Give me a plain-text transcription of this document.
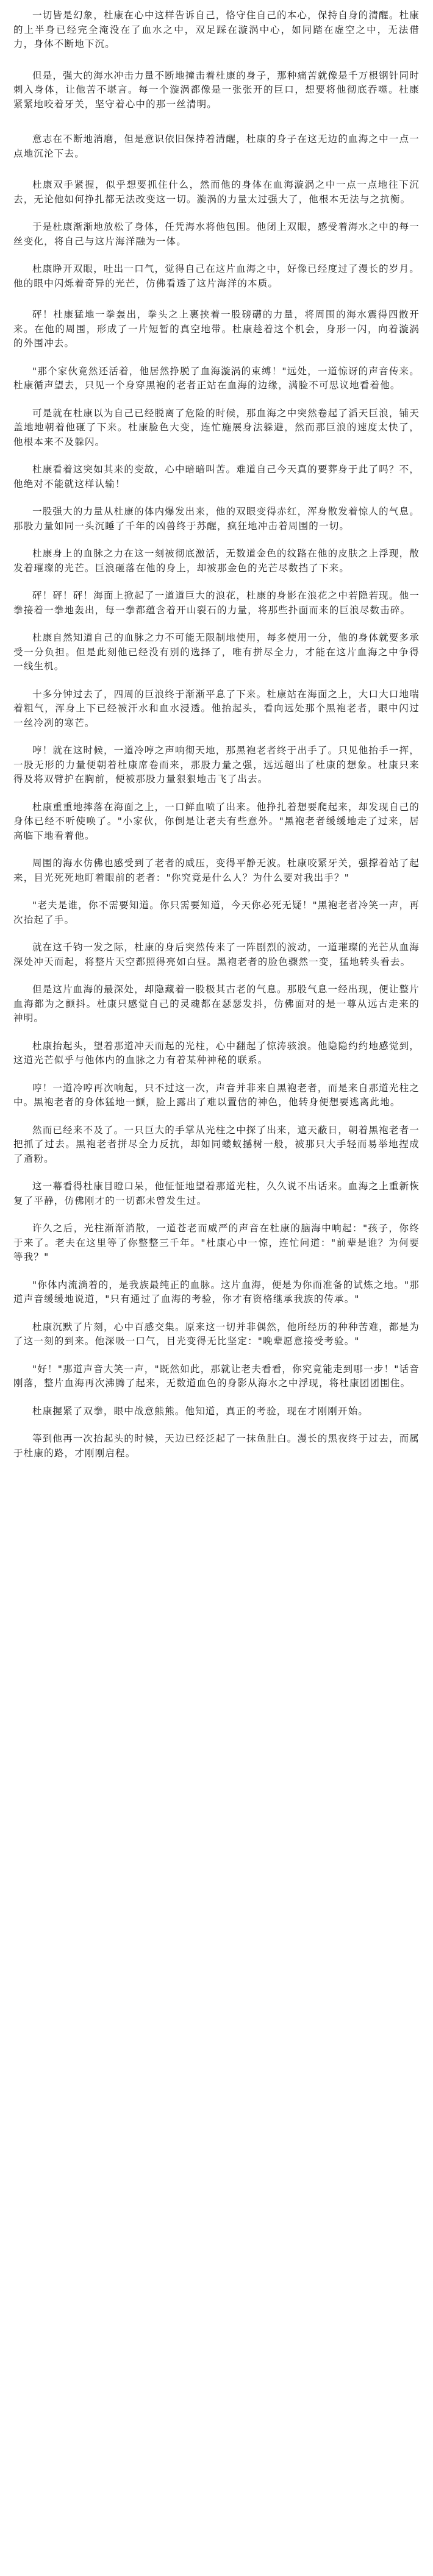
一切皆是幻象，杜康在心中这样告诉自己，恪守住自己的本心，保持自身的清醒。杜康的上半身已经完全淹没在了血水之中，双足踩在漩涡中心，如同踏在虚空之中，无法借力，身体不断地下沉。

但是，强大的海水冲击力量不断地撞击着杜康的身子，那种痛苦就像是千万根钢针同时刺入身体，让他苦不堪言。每一个漩涡都像是一张张开的巨口，想要将他彻底吞噬。杜康紧紧地咬着牙关，坚守着心中的那一丝清明。

意志在不断地消磨，但是意识依旧保持着清醒，杜康的身子在这无边的血海之中一点一点地沉沦下去。

杜康双手紧握，似乎想要抓住什么，然而他的身体在血海漩涡之中一点一点地往下沉去，无论他如何挣扎都无法改变这一切。漩涡的力量太过强大了，他根本无法与之抗衡。

于是杜康渐渐地放松了身体，任凭海水将他包围。他闭上双眼，感受着海水之中的每一丝变化，将自己与这片海洋融为一体。

杜康睁开双眼，吐出一口气，觉得自己在这片血海之中，好像已经度过了漫长的岁月。他的眼中闪烁着奇异的光芒，仿佛看透了这片海洋的本质。

砰！杜康猛地一拳轰出，拳头之上裹挟着一股磅礴的力量，将周围的海水震得四散开来。在他的周围，形成了一片短暂的真空地带。杜康趁着这个机会，身形一闪，向着漩涡的外围冲去。

"那个家伙竟然还活着，他居然挣脱了血海漩涡的束缚！"远处，一道惊讶的声音传来。杜康循声望去，只见一个身穿黑袍的老者正站在血海的边缘，满脸不可思议地看着他。

可是就在杜康以为自己已经脱离了危险的时候，那血海之中突然卷起了滔天巨浪，铺天盖地地朝着他砸了下来。杜康脸色大变，连忙施展身法躲避，然而那巨浪的速度太快了，他根本来不及躲闪。

杜康看着这突如其来的变故，心中暗暗叫苦。难道自己今天真的要葬身于此了吗？不，他绝对不能就这样认输！

一股强大的力量从杜康的体内爆发出来，他的双眼变得赤红，浑身散发着惊人的气息。那股力量如同一头沉睡了千年的凶兽终于苏醒，疯狂地冲击着周围的一切。

杜康身上的血脉之力在这一刻被彻底激活，无数道金色的纹路在他的皮肤之上浮现，散发着璀璨的光芒。巨浪砸落在他的身上，却被那金色的光芒尽数挡了下来。

砰！砰！砰！海面上掀起了一道道巨大的浪花，杜康的身影在浪花之中若隐若现。他一拳接着一拳地轰出，每一拳都蕴含着开山裂石的力量，将那些扑面而来的巨浪尽数击碎。

杜康自然知道自己的血脉之力不可能无限制地使用，每多使用一分，他的身体就要多承受一分负担。但是此刻他已经没有别的选择了，唯有拼尽全力，才能在这片血海之中争得一线生机。

十多分钟过去了，四周的巨浪终于渐渐平息了下来。杜康站在海面之上，大口大口地喘着粗气，浑身上下已经被汗水和血水浸透。他抬起头，看向远处那个黑袍老者，眼中闪过一丝冷冽的寒芒。

哼！就在这时候，一道冷哼之声响彻天地，那黑袍老者终于出手了。只见他抬手一挥，一股无形的力量便朝着杜康席卷而来，那股力量之强，远远超出了杜康的想象。杜康只来得及将双臂护在胸前，便被那股力量狠狠地击飞了出去。

杜康重重地摔落在海面之上，一口鲜血喷了出来。他挣扎着想要爬起来，却发现自己的身体已经不听使唤了。"小家伙，你倒是让老夫有些意外。"黑袍老者缓缓地走了过来，居高临下地看着他。

周围的海水仿佛也感受到了老者的威压，变得平静无波。杜康咬紧牙关，强撑着站了起来，目光死死地盯着眼前的老者："你究竟是什么人？为什么要对我出手？"

"老夫是谁，你不需要知道。你只需要知道，今天你必死无疑！"黑袍老者冷笑一声，再次抬起了手。

就在这千钧一发之际，杜康的身后突然传来了一阵剧烈的波动，一道璀璨的光芒从血海深处冲天而起，将整片天空都照得亮如白昼。黑袍老者的脸色骤然一变，猛地转头看去。

但是这片血海的最深处，却隐藏着一股极其古老的气息。那股气息一经出现，便让整片血海都为之颤抖。杜康只感觉自己的灵魂都在瑟瑟发抖，仿佛面对的是一尊从远古走来的神明。

杜康抬起头，望着那道冲天而起的光柱，心中翻起了惊涛骇浪。他隐隐约约地感觉到，这道光芒似乎与他体内的血脉之力有着某种神秘的联系。

哼！一道冷哼再次响起，只不过这一次，声音并非来自黑袍老者，而是来自那道光柱之中。黑袍老者的身体猛地一颤，脸上露出了难以置信的神色，他转身便想要逃离此地。

然而已经来不及了。一只巨大的手掌从光柱之中探了出来，遮天蔽日，朝着黑袍老者一把抓了过去。黑袍老者拼尽全力反抗，却如同蝼蚁撼树一般，被那只大手轻而易举地捏成了齑粉。

这一幕看得杜康目瞪口呆，他怔怔地望着那道光柱，久久说不出话来。血海之上重新恢复了平静，仿佛刚才的一切都未曾发生过。

许久之后，光柱渐渐消散，一道苍老而威严的声音在杜康的脑海中响起："孩子，你终于来了。老夫在这里等了你整整三千年。"杜康心中一惊，连忙问道："前辈是谁？为何要等我？"

"你体内流淌着的，是我族最纯正的血脉。这片血海，便是为你而准备的试炼之地。"那道声音缓缓地说道，"只有通过了血海的考验，你才有资格继承我族的传承。"

杜康沉默了片刻，心中百感交集。原来这一切并非偶然，他所经历的种种苦难，都是为了这一刻的到来。他深吸一口气，目光变得无比坚定："晚辈愿意接受考验。"

"好！"那道声音大笑一声，"既然如此，那就让老夫看看，你究竟能走到哪一步！"话音刚落，整片血海再次沸腾了起来，无数道血色的身影从海水之中浮现，将杜康团团围住。

杜康握紧了双拳，眼中战意熊熊。他知道，真正的考验，现在才刚刚开始。

等到他再一次抬起头的时候，天边已经泛起了一抹鱼肚白。漫长的黑夜终于过去，而属于杜康的路，才刚刚启程。
